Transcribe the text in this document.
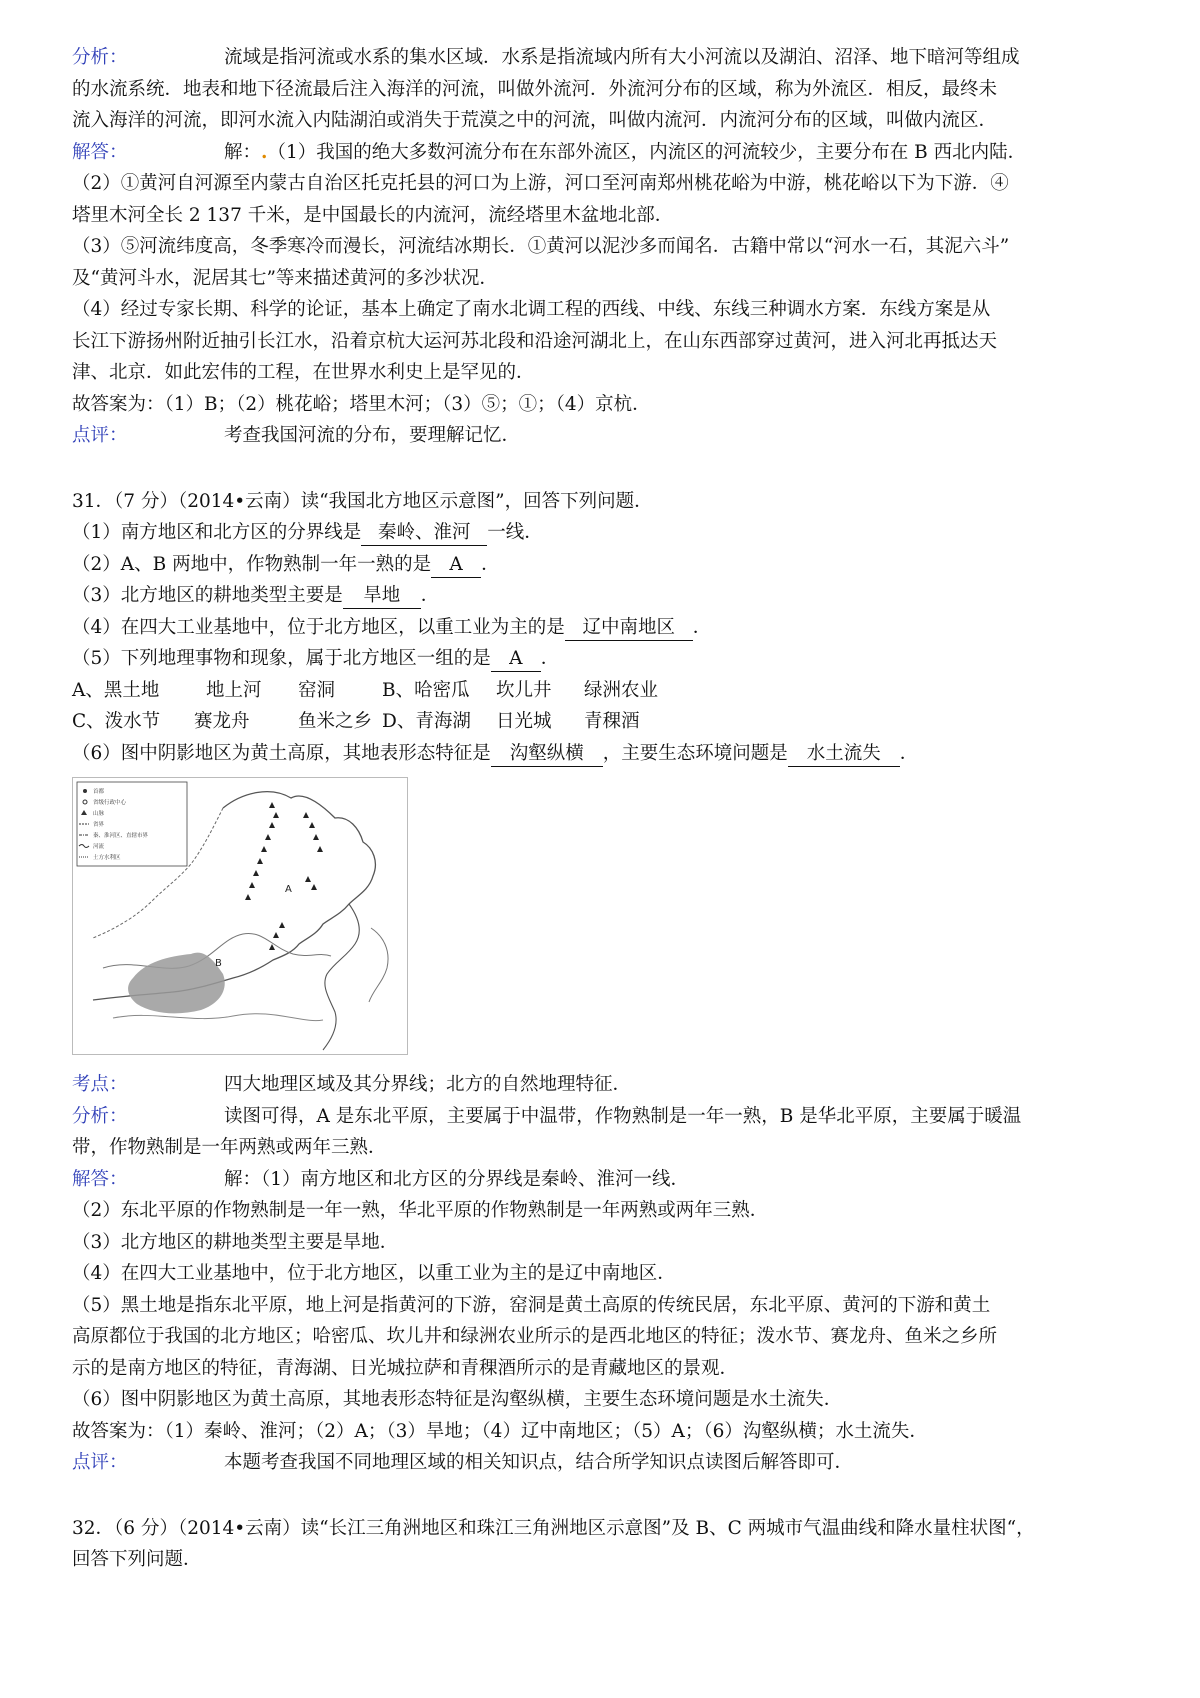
分析：	流域是指河流或水系的集水区域．水系是指流域内所有大小河流以及湖泊、沼泽、地下暗河等组成

的水流系统．地表和地下径流最后注入海洋的河流，叫做外流河．外流河分布的区域，称为外流区．相反，最终未

流入海洋的河流，即河水流入内陆湖泊或消失于荒漠之中的河流，叫做内流河．内流河分布的区域，叫做内流区．

解答：	解：.（1）我国的绝大多数河流分布在东部外流区，内流区的河流较少，主要分布在 B 西北内陆．

（2）①黄河自河源至内蒙古自治区托克托县的河口为上游，河口至河南郑州桃花峪为中游，桃花峪以下为下游．④

塔里木河全长 2 137 千米，是中国最长的内流河，流经塔里木盆地北部．

（3）⑤河流纬度高，冬季寒冷而漫长，河流结冰期长．①黄河以泥沙多而闻名．古籍中常以“河水一石，其泥六斗”

及“黄河斗水，泥居其七”等来描述黄河的多沙状况．

（4）经过专家长期、科学的论证，基本上确定了南水北调工程的西线、中线、东线三种调水方案．东线方案是从

长江下游扬州附近抽引长江水，沿着京杭大运河苏北段和沿途河湖北上，在山东西部穿过黄河，进入河北再抵达天

津、北京．如此宏伟的工程，在世界水利史上是罕见的．

故答案为：（1）B；（2）桃花峪；塔里木河；（3）⑤；①；（4）京杭．

点评：	考查我国河流的分布，要理解记忆．

31．（7 分）（2014•云南）读“我国北方地区示意图”，回答下列问题．

（1）南方地区和北方区的分界线是 秦岭、淮河 一线．

（2）A、B 两地中，作物熟制一年一熟的是 A ．

（3）北方地区的耕地类型主要是 旱地 ．

（4）在四大工业基地中，位于北方地区，以重工业为主的是 辽中南地区 ．

（5）下列地理事物和现象，属于北方地区一组的是 A ．

A、黑土地	地上河 窑洞	B、哈密瓜 坎儿井 绿洲农业

C、泼水节 赛龙舟	鱼米之乡 D、青海湖 日光城 青稞酒

（6）图中阴影地区为黄土高原，其地表形态特征是 沟壑纵横 ，主要生态环境问题是 水土流失 ．

首都
省级行政中心
山脉
省界
秦、淮河区、直辖市界
河流
土方水利区
A
B

考点：	四大地理区域及其分界线；北方的自然地理特征．

分析：	读图可得，A 是东北平原，主要属于中温带，作物熟制是一年一熟，B 是华北平原，主要属于暖温

带，作物熟制是一年两熟或两年三熟．

解答：	解：（1）南方地区和北方区的分界线是秦岭、淮河一线．

（2）东北平原的作物熟制是一年一熟，华北平原的作物熟制是一年两熟或两年三熟．

（3）北方地区的耕地类型主要是旱地．

（4）在四大工业基地中，位于北方地区，以重工业为主的是辽中南地区．

（5）黑土地是指东北平原，地上河是指黄河的下游，窑洞是黄土高原的传统民居，东北平原、黄河的下游和黄土

高原都位于我国的北方地区；哈密瓜、坎儿井和绿洲农业所示的是西北地区的特征；泼水节、赛龙舟、鱼米之乡所

示的是南方地区的特征，青海湖、日光城拉萨和青稞酒所示的是青藏地区的景观．

（6）图中阴影地区为黄土高原，其地表形态特征是沟壑纵横，主要生态环境问题是水土流失．

故答案为：（1）秦岭、淮河；（2）A；（3）旱地；（4）辽中南地区；（5）A；（6）沟壑纵横；水土流失．

点评：	本题考查我国不同地理区域的相关知识点，结合所学知识点读图后解答即可．

32．（6 分）（2014•云南）读“长江三角洲地区和珠江三角洲地区示意图”及 B、C 两城市气温曲线和降水量柱状图“，

回答下列问题．
